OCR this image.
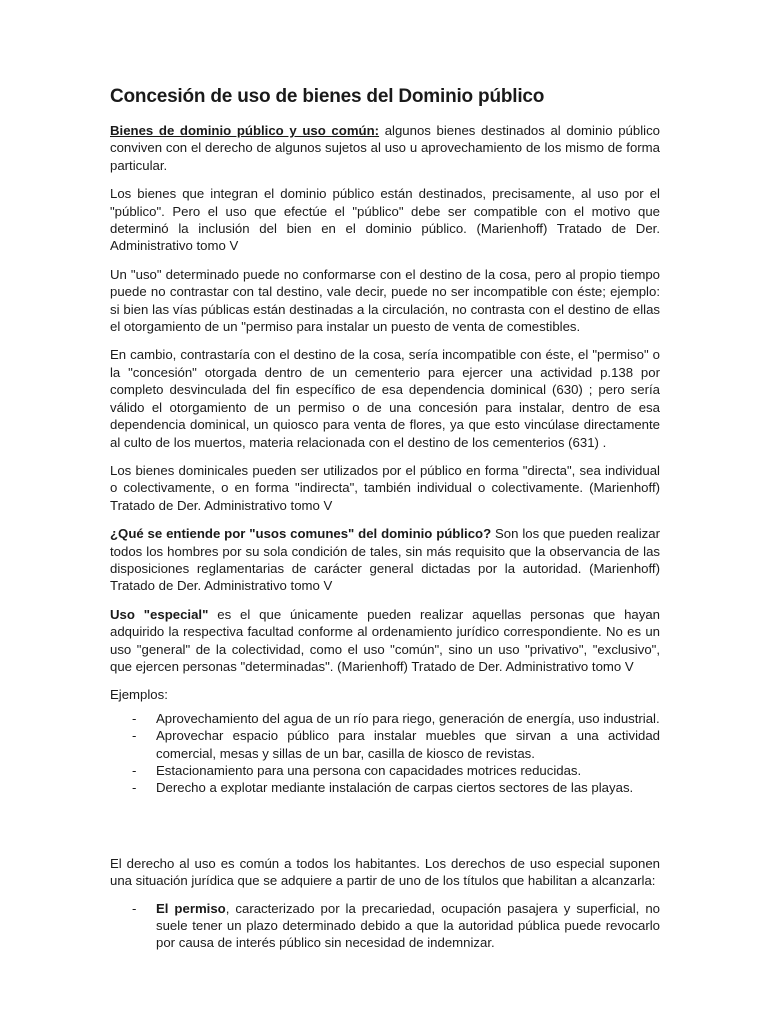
Concesión de uso de bienes del Dominio público

Bienes de dominio público y uso común: algunos bienes destinados al dominio público conviven con el derecho de algunos sujetos al uso u aprovechamiento de los mismo de forma particular.

Los bienes que integran el dominio público están destinados, precisamente, al uso por el "público". Pero el uso que efectúe el "público" debe ser compatible con el motivo que determinó la inclusión del bien en el dominio público. (Marienhoff) Tratado de Der. Administrativo tomo V

Un "uso" determinado puede no conformarse con el destino de la cosa, pero al propio tiempo puede no contrastar con tal destino, vale decir, puede no ser incompatible con éste; ejemplo: si bien las vías públicas están destinadas a la circulación, no contrasta con el destino de ellas el otorgamiento de un "permiso para instalar un puesto de venta de comestibles.

En cambio, contrastaría con el destino de la cosa, sería incompatible con éste, el "permiso" o la "concesión" otorgada dentro de un cementerio para ejercer una actividad p.138 por completo desvinculada del fin específico de esa dependencia dominical (630) ; pero sería válido el otorgamiento de un permiso o de una concesión para instalar, dentro de esa dependencia dominical, un quiosco para venta de flores, ya que esto vincúlase directamente al culto de los muertos, materia relacionada con el destino de los cementerios (631) .

Los bienes dominicales pueden ser utilizados por el público en forma "directa", sea individual o colectivamente, o en forma "indirecta", también individual o colectivamente. (Marienhoff) Tratado de Der. Administrativo tomo V

¿Qué se entiende por "usos comunes" del dominio público? Son los que pueden realizar todos los hombres por su sola condición de tales, sin más requisito que la observancia de las disposiciones reglamentarias de carácter general dictadas por la autoridad. (Marienhoff) Tratado de Der. Administrativo tomo V

Uso "especial" es el que únicamente pueden realizar aquellas personas que hayan adquirido la respectiva facultad conforme al ordenamiento jurídico correspondiente. No es un uso "general" de la colectividad, como el uso "común", sino un uso "privativo", "exclusivo", que ejercen personas "determinadas". (Marienhoff) Tratado de Der. Administrativo tomo V

Ejemplos:

- Aprovechamiento del agua de un río para riego, generación de energía, uso industrial.
- Aprovechar espacio público para instalar muebles que sirvan a una actividad comercial, mesas y sillas de un bar, casilla de kiosco de revistas.
- Estacionamiento para una persona con capacidades motrices reducidas.
- Derecho a explotar mediante instalación de carpas ciertos sectores de las playas.

El derecho al uso es común a todos los habitantes. Los derechos de uso especial suponen una situación jurídica que se adquiere a partir de uno de los títulos que habilitan a alcanzarla:

- El permiso, caracterizado por la precariedad, ocupación pasajera y superficial, no suele tener un plazo determinado debido a que la autoridad pública puede revocarlo por causa de interés público sin necesidad de indemnizar.
